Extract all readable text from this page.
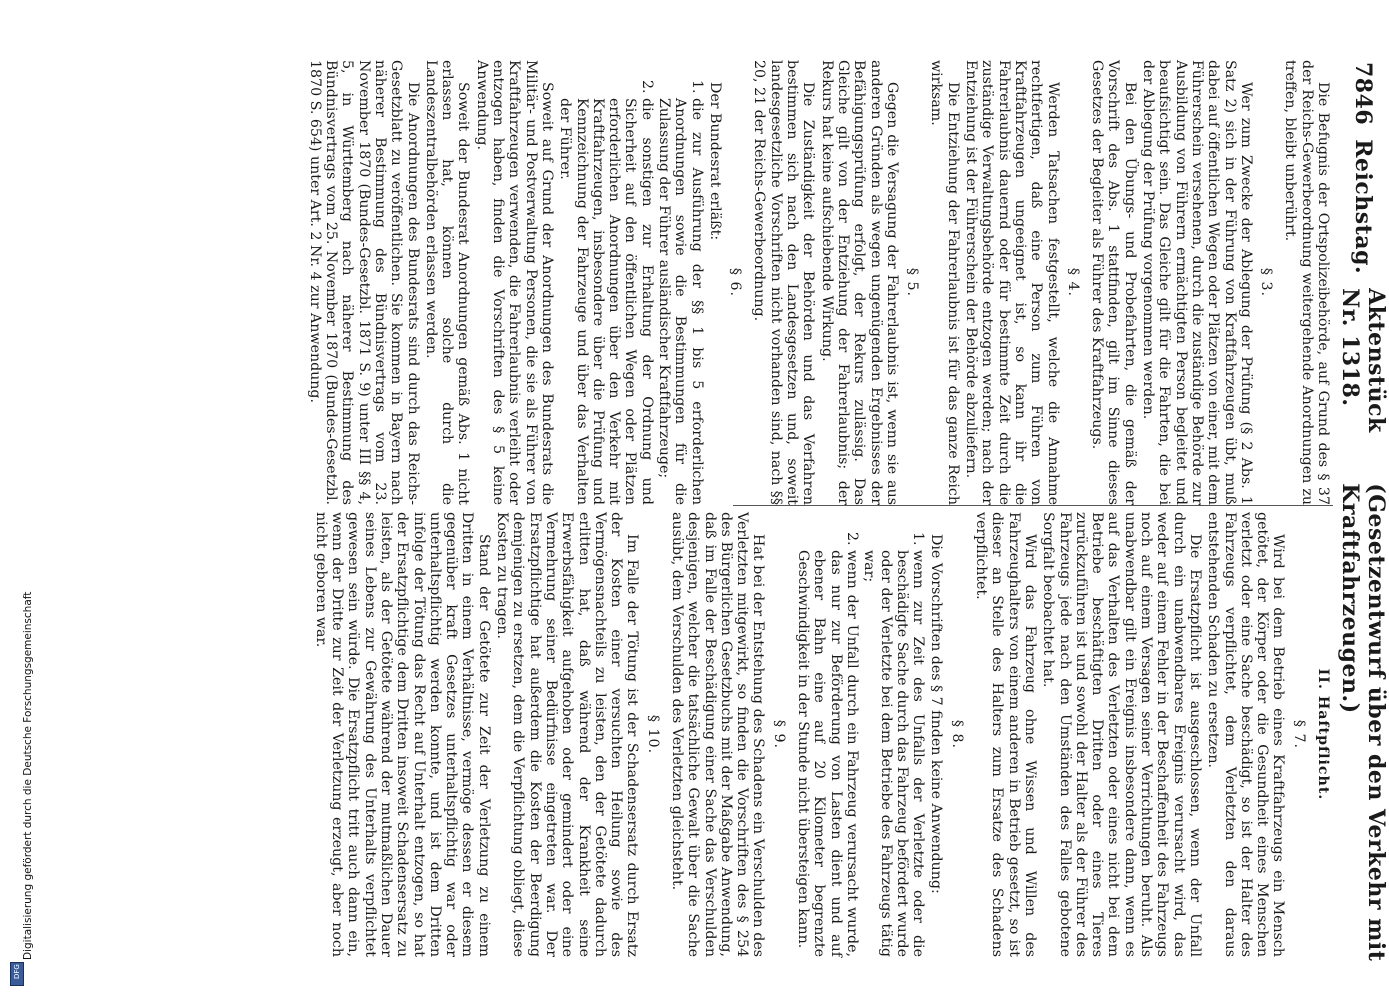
7846
Reichstag.
Aktenstück Nr. 1318.
(Gesetzentwurf über den Verkehr mit Kraftfahrzeugen.)

Die Befugnis der Ortspolizeibehörde, auf Grund des § 37 der Reichs-Gewerbeordnung weitergehende Anordnungen zu treffen, bleibt unberührt.

§ 3.

Wer zum Zwecke der Ablegung der Prüfung (§ 2 Abs. 1 Satz 2) sich in der Führung von Kraftfahrzeugen übt, muß dabei auf öffentlichen Wegen oder Plätzen von einer, mit dem Führerschein versehenen, durch die zuständige Behörde zur Ausbildung von Führern ermächtigten Person begleitet und beaufsichtigt sein. Das Gleiche gilt für die Fahrten, die bei der Ablegung der Prüfung vorgenommen werden.

Bei den Übungs- und Probefahrten, die gemäß der Vorschrift des Abs. 1 stattfinden, gilt im Sinne dieses Gesetzes der Begleiter als Führer des Kraftfahrzeugs.

§ 4.

Werden Tatsachen festgestellt, welche die Annahme rechtfertigen, daß eine Person zum Führen von Kraftfahrzeugen ungeeignet ist, so kann ihr die Fahrerlaubnis dauernd oder für bestimmte Zeit durch die zuständige Verwaltungsbehörde entzogen werden; nach der Entziehung ist der Führerschein der Behörde abzuliefern.

Die Entziehung der Fahrerlaubnis ist für das ganze Reich wirksam.

§ 5.

Gegen die Versagung der Fahrerlaubnis ist, wenn sie aus anderen Gründen als wegen ungenügenden Ergebnisses der Befähigungsprüfung erfolgt, der Rekurs zulässig. Das Gleiche gilt von der Entziehung der Fahrerlaubnis; der Rekurs hat keine aufschiebende Wirkung.

Die Zuständigkeit der Behörden und das Verfahren bestimmen sich nach den Landesgesetzen und, soweit landesgesetzliche Vorschriften nicht vorhanden sind, nach §§ 20, 21 der Reichs-Gewerbeordnung.

§ 6.

Der Bundesrat erläßt:

1. die zur Ausführung der §§ 1 bis 5 erforderlichen Anordnungen sowie die Bestimmungen für die Zulassung der Führer ausländischer Kraftfahrzeuge;
2. die sonstigen zur Erhaltung der Ordnung und Sicherheit auf den öffentlichen Wegen oder Plätzen erforderlichen Anordnungen über den Verkehr mit Kraftfahrzeugen, insbesondere über die Prüfung und Kennzeichnung der Fahrzeuge und über das Verhalten der Führer.

Soweit auf Grund der Anordnungen des Bundesrats die Militär- und Postverwaltung Personen, die sie als Führer von Kraftfahrzeugen verwenden, die Fahrerlaubnis verleiht oder entzogen haben, finden die Vorschriften des § 5 keine Anwendung.

Soweit der Bundesrat Anordnungen gemäß Abs. 1 nicht erlassen hat, können solche durch die Landeszentralbehörden erlassen werden.

Die Anordnungen des Bundesrats sind durch das Reichs-Gesetzblatt zu veröffentlichen. Sie kommen in Bayern nach näherer Bestimmung des Bündnisvertrags vom 23. November 1870 (Bundes-Gesetzbl. 1871 S. 9) unter III §§ 4, 5, in Württemberg nach näherer Bestimmung des Bündnisvertrags vom 25. November 1870 (Bundes-Gesetzbl. 1870 S. 654) unter Art. 2 Nr. 4 zur Anwendung.

II. Haftpflicht.
§ 7.

Wird bei dem Betrieb eines Kraftfahrzeugs ein Mensch getötet, der Körper oder die Gesundheit eines Menschen verletzt oder eine Sache beschädigt, so ist der Halter des Fahrzeugs verpflichtet, dem Verletzten den daraus entstehenden Schaden zu ersetzen.

Die Ersatzpflicht ist ausgeschlossen, wenn der Unfall durch ein unabwendbares Ereignis verursacht wird, das weder auf einem Fehler in der Beschaffenheit des Fahrzeugs noch auf einem Versagen seiner Verrichtungen beruht. Als unabwendbar gilt ein Ereignis insbesondere dann, wenn es auf das Verhalten des Verletzten oder eines nicht bei dem Betriebe beschäftigten Dritten oder eines Tieres zurückzuführen ist und sowohl der Halter als der Führer des Fahrzeugs jede nach den Umständen des Falles gebotene Sorgfalt beobachtet hat.

Wird das Fahrzeug ohne Wissen und Willen des Fahrzeughalters von einem anderen in Betrieb gesetzt, so ist dieser an Stelle des Halters zum Ersatze des Schadens verpflichtet.

§ 8.

Die Vorschriften des § 7 finden keine Anwendung:

1. wenn zur Zeit des Unfalls der Verletzte oder die beschädigte Sache durch das Fahrzeug befördert wurde oder der Verletzte bei dem Betriebe des Fahrzeugs tätig war;
2. wenn der Unfall durch ein Fahrzeug verursacht wurde, das nur zur Beförderung von Lasten dient und auf ebener Bahn eine auf 20 Kilometer begrenzte Geschwindigkeit in der Stunde nicht übersteigen kann.
§ 9.

Hat bei der Entstehung des Schadens ein Verschulden des Verletzten mitgewirkt, so finden die Vorschriften des § 254 des Bürgerlichen Gesetzbuchs mit der Maßgabe Anwendung, daß im Falle der Beschädigung einer Sache das Verschulden desjenigen, welcher die tatsächliche Gewalt über die Sache ausübt, dem Verschulden des Verletzten gleichsteht.

§ 10.

Im Falle der Tötung ist der Schadensersatz durch Ersatz der Kosten einer versuchten Heilung sowie des Vermögensnachteils zu leisten, den der Getötete dadurch erlitten hat, daß während der Krankheit seine Erwerbsfähigkeit aufgehoben oder gemindert oder eine Vermehrung seiner Bedürfnisse eingetreten war. Der Ersatzpflichtige hat außerdem die Kosten der Beerdigung demjenigen zu ersetzen, dem die Verpflichtung obliegt, diese Kosten zu tragen.

Stand der Getötete zur Zeit der Verletzung zu einem Dritten in einem Verhältnisse, vermöge dessen er diesem gegenüber kraft Gesetzes unterhaltspflichtig war oder unterhaltspflichtig werden konnte, und ist dem Dritten infolge der Tötung das Recht auf Unterhalt entzogen, so hat der Ersatzpflichtige dem Dritten insoweit Schadensersatz zu leisten, als der Getötete während der mutmaßlichen Dauer seines Lebens zur Gewährung des Unterhalts verpflichtet gewesen sein würde. Die Ersatzpflicht tritt auch dann ein, wenn der Dritte zur Zeit der Verletzung erzeugt, aber noch nicht geboren war.

DFG
Digitalisierung gefördert durch die Deutsche Forschungsgemeinschaft
